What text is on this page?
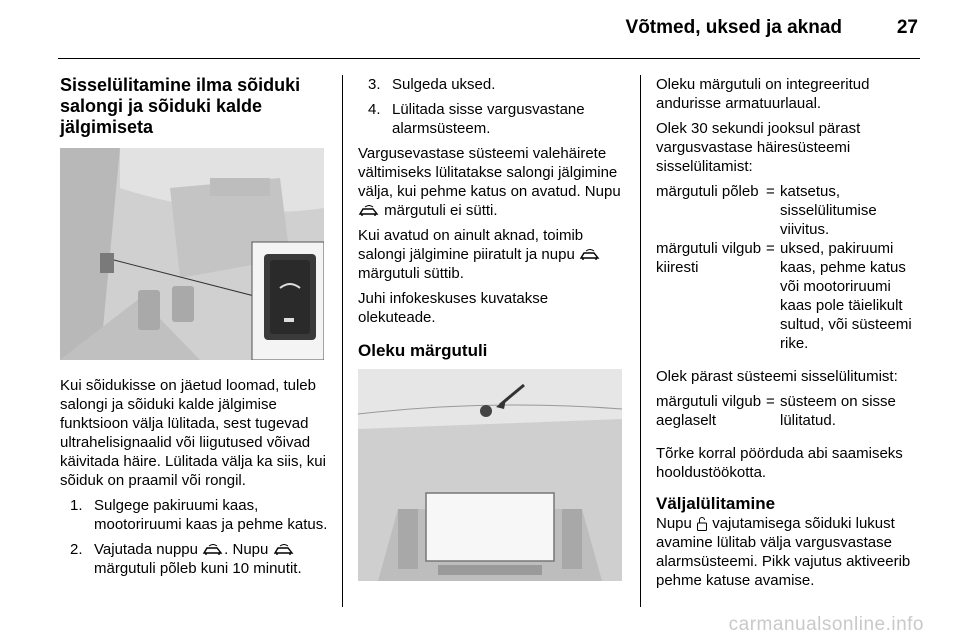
Võtmed, uksed ja aknad	27
Sisselülitamine ilma sõiduki salongi ja sõiduki kalde jälgimiseta

Kui sõidukisse on jäetud loomad, tuleb salongi ja sõiduki kalde jälgimise funktsioon välja lülitada, sest tugevad ultrahelisignaalid või liigutused võivad käivitada häire. Lülitada välja ka siis, kui sõiduk on praamil või rongil.

1. Sulgege pakiruumi kaas, mootoriruumi kaas ja pehme katus.
2. Vajutada nuppu . Nupu  märgutuli põleb kuni 10 minutit.
3. Sulgeda uksed.
4. Lülitada sisse vargusvastane alarmsüsteem.

Vargusevastase süsteemi valehäirete vältimiseks lülitatakse salongi jälgimine välja, kui pehme katus on avatud. Nupu  märgutuli ei sütti.

Kui avatud on ainult aknad, toimib salongi jälgimine piiratult ja nupu  märgutuli süttib.

Juhi infokeskuses kuvatakse olekuteade.

Oleku märgutuli

Oleku märgutuli on integreeritud andurisse armatuurlaual.

Olek 30 sekundi jooksul pärast vargusvastase häiresüsteemi sisselülitamist:

märgutuli põleb = katsetus, sisselülitumise viivitus.
märgutuli vilgub kiiresti
= uksed, pakiruumi kaas, pehme katus või mootoriruumi kaas pole täielikult sultud, või süsteemi rike.

Olek pärast süsteemi sisselülitumist:

märgutuli vilgub aeglaselt
= süsteem on sisse lülitatud.

Tõrke korral pöörduda abi saamiseks hooldustöökotta.

Väljalülitamine

Nupu vajutamisega sõiduki lukust avamine lülitab välja vargusvastase alarmsüsteemi. Pikk vajutus aktiveerib pehme katuse avamise.

carmanualsonline.info
